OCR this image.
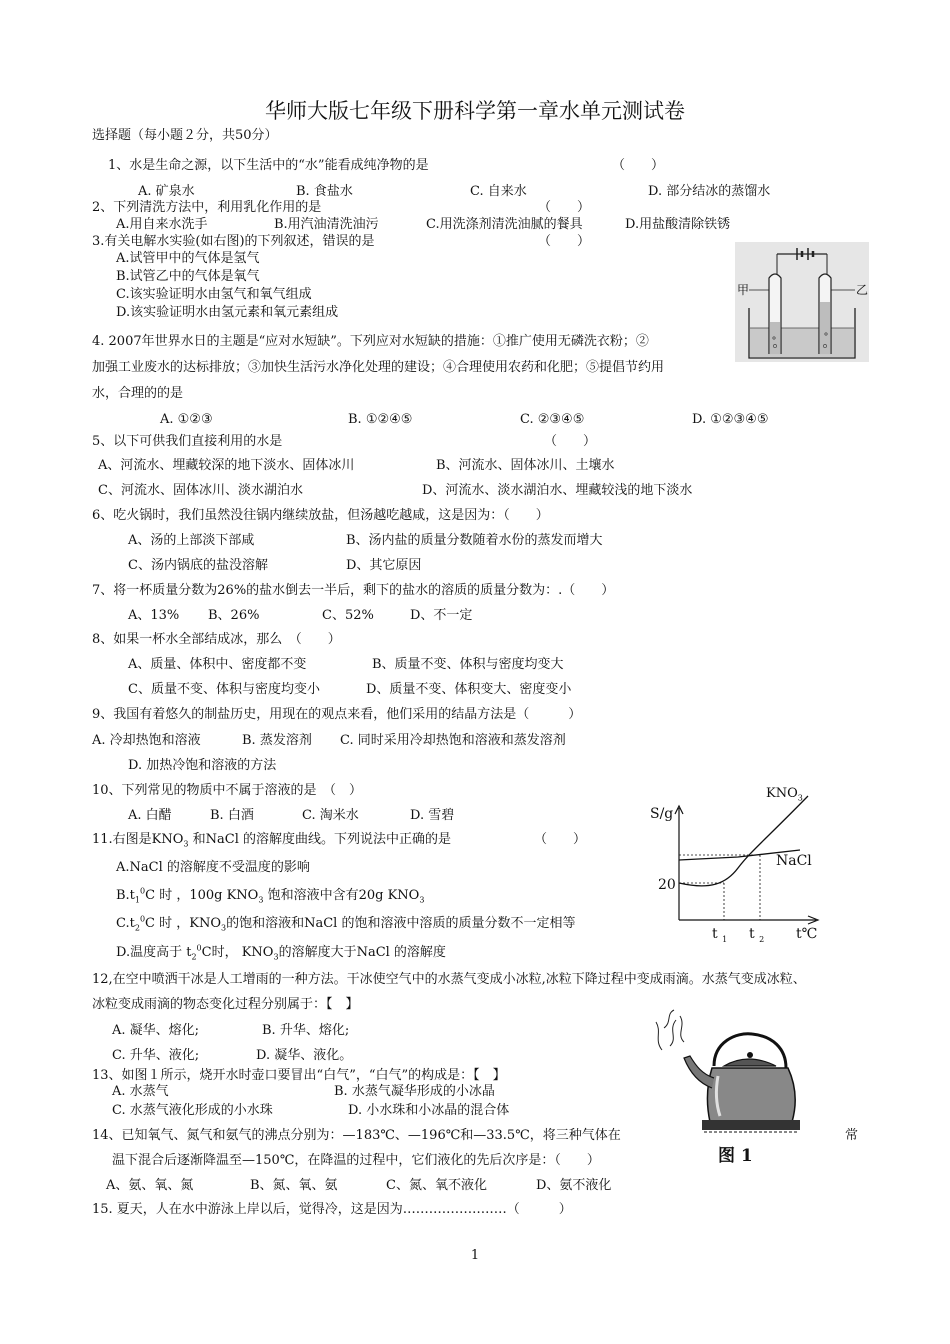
华师大版七年级下册科学第一章水单元测试卷
选择题（每小题２分，共50分）
1、水是生命之源，以下生活中的“水”能看成纯净物的是	（　　）
A. 矿泉水	B. 食盐水	C. 自来水	D. 部分结冰的蒸馏水
2、下列清洗方法中，利用乳化作用的是	（　　）
A.用自来水洗手	B.用汽油清洗油污	C.用洗涤剂清洗油腻的餐具	D.用盐酸清除铁锈
3.有关电解水实验(如右图)的下列叙述，错误的是	（　　）
A.试管甲中的气体是氢气
B.试管乙中的气体是氧气
C.该实验证明水由氢气和氧气组成
D.该实验证明水由氢元素和氧元素组成
甲	乙
4. 2007年世界水日的主题是“应对水短缺”。下列应对水短缺的措施：①推广使用无磷洗衣粉；②
加强工业废水的达标排放；③加快生活污水净化处理的建设；④合理使用农药和化肥；⑤提倡节约用
水，合理的的是
A. ①②③	B. ①②④⑤	C. ②③④⑤	D. ①②③④⑤
5、以下可供我们直接利用的水是	（　　）
A、河流水、埋藏较深的地下淡水、固体冰川	B、河流水、固体冰川、土壤水
C、河流水、固体冰川、淡水湖泊水	D、河流水、淡水湖泊水、埋藏较浅的地下淡水
6、吃火锅时，我们虽然没往锅内继续放盐，但汤越吃越咸，这是因为：（　　）
A、汤的上部淡下部咸	B、汤内盐的质量分数随着水份的蒸发而增大
C、汤内锅底的盐没溶解	D、其它原因
7、将一杯质量分数为26%的盐水倒去一半后，剩下的盐水的溶质的质量分数为：.（　　）
A、13% B、26%	C、52%	D、不一定
8、如果一杯水全部结成冰，那么　（　　）
A、质量、体积中、密度都不变	B、质量不变、体积与密度均变大
C、质量不变、体积与密度均变小	D、质量不变、体积变大、密度变小
9、我国有着悠久的制盐历史，用现在的观点来看，他们采用的结晶方法是（　　　）
A. 冷却热饱和溶液	B. 蒸发溶剂 C. 同时采用冷却热饱和溶液和蒸发溶剂
D. 加热冷饱和溶液的方法
10、下列常见的物质中不属于溶液的是　（　）
A. 白醋	B. 白酒	C. 淘米水	D. 雪碧
11.右图是$KNO_3$ 和NaCl 的溶解度曲线。下列说法中正确的是	（　　）
A.NaCl 的溶解度不受温度的影响
$B.t_1^0C$ 时 ，100g $KNO_3$ 饱和溶液中含有20g $KNO_3$
$C.t_2^0C$ 时 ，$KNO_3$的饱和溶液和NaCl 的饱和溶液中溶质的质量分数不一定相等
D.温度高于 $t_2^0C$时， $KNO_3$的溶解度大于NaCl 的溶解度
S/g
$KNO_3$
NaCl
20
t $_1$ t $_2$ t℃
12,在空中喷洒干冰是人工增雨的一种方法。干冰使空气中的水蒸气变成小冰粒,冰粒下降过程中变成雨滴。水蒸气变成冰粒、
冰粒变成雨滴的物态变化过程分别属于：【　】
A. 凝华、熔化;	B. 升华、熔化;
C. 升华、液化;	D. 凝华、液化。
13、如图１所示，烧开水时壶口要冒出“白气”，“白气”的构成是：【　】
A. 水蒸气	B. 水蒸气凝华形成的小冰晶
C. 水蒸气液化形成的小水珠	D. 小水珠和小冰晶的混合体
图 1
14、已知氧气、氮气和氨气的沸点分别为：—183℃、—196℃和—33.5℃，将三种气体在	常
温下混合后逐渐降温至—150℃，在降温的过程中，它们液化的先后次序是：（　　）
A、氨、氧、氮	B、氮、氧、氨	C、氮、氧不液化	D、氨不液化
15. 夏天，人在水中游泳上岸以后，觉得冷，这是因为……………………（　　　）
1
